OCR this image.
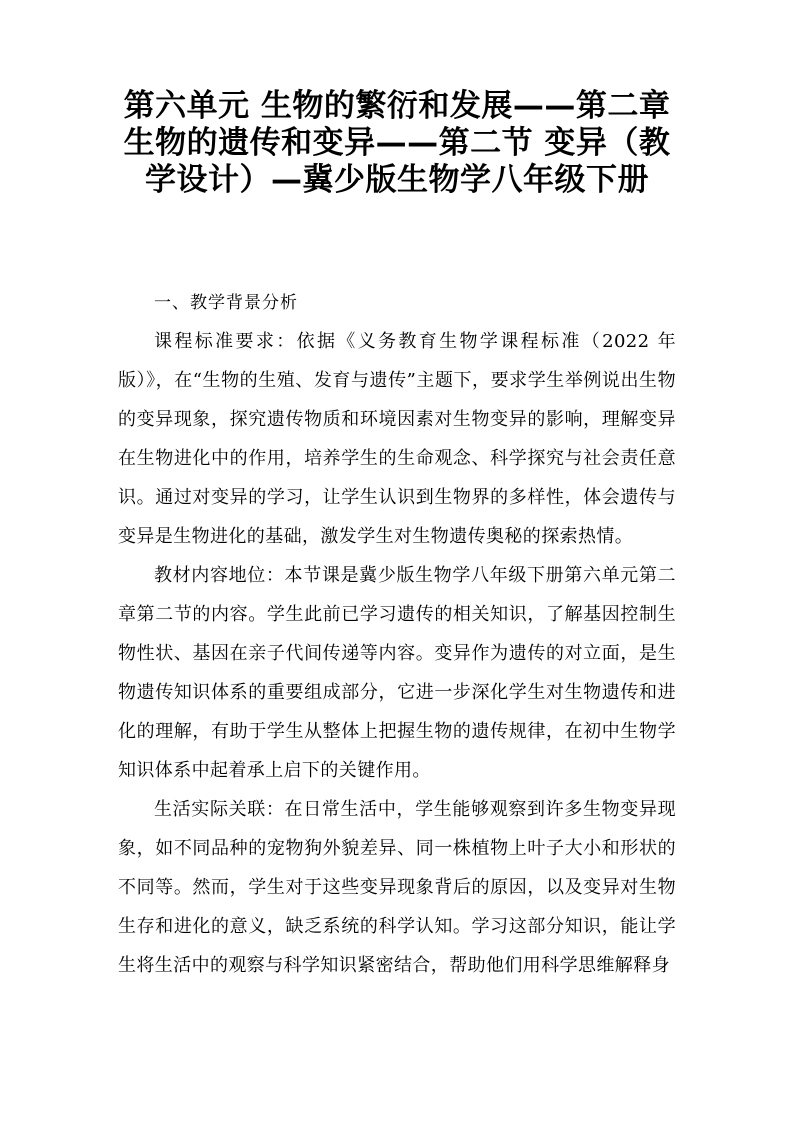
第六单元 生物的繁衍和发展——第二章 生物的遗传和变异——第二节 变异（教学设计）—冀少版生物学八年级下册

一、教学背景分析

课程标准要求：依据《义务教育生物学课程标准（2022 年版）》，在“生物的生殖、发育与遗传”主题下，要求学生举例说出生物的变异现象，探究遗传物质和环境因素对生物变异的影响，理解变异在生物进化中的作用，培养学生的生命观念、科学探究与社会责任意识。通过对变异的学习，让学生认识到生物界的多样性，体会遗传与变异是生物进化的基础，激发学生对生物遗传奥秘的探索热情。

教材内容地位：本节课是冀少版生物学八年级下册第六单元第二章第二节的内容。学生此前已学习遗传的相关知识，了解基因控制生物性状、基因在亲子代间传递等内容。变异作为遗传的对立面，是生物遗传知识体系的重要组成部分，它进一步深化学生对生物遗传和进化的理解，有助于学生从整体上把握生物的遗传规律，在初中生物学知识体系中起着承上启下的关键作用。

生活实际关联：在日常生活中，学生能够观察到许多生物变异现象，如不同品种的宠物狗外貌差异、同一株植物上叶子大小和形状的不同等。然而，学生对于这些变异现象背后的原因，以及变异对生物生存和进化的意义，缺乏系统的科学认知。学习这部分知识，能让学生将生活中的观察与科学知识紧密结合，帮助他们用科学思维解释身
